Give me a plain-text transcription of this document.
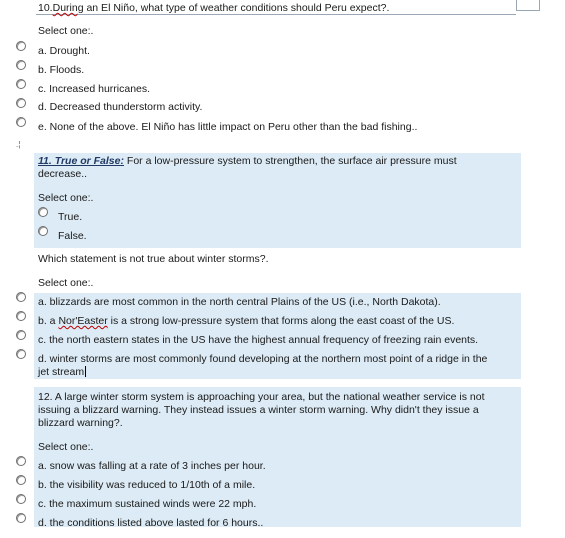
10.During an El Niño, what type of weather conditions should Peru expect?.
Select one:.
a. Drought.
b. Floods.
c. Increased hurricanes.
d. Decreased thunderstorm activity.
e. None of the above. El Niño has little impact on Peru other than the bad fishing..
.¦
11. True or False: For a low-pressure system to strengthen, the surface air pressure must
decrease..
Select one:.
True.
False.
Which statement is not true about winter storms?.
Select one:.
a. blizzards are most common in the north central Plains of the US (i.e., North Dakota).
b. a Nor'Easter is a strong low-pressure system that forms along the east coast of the US.
c. the north eastern states in the US have the highest annual frequency of freezing rain events.
d. winter storms are most commonly found developing at the northern most point of a ridge in the
jet stream
12. A large winter storm system is approaching your area, but the national weather service is not
issuing a blizzard warning. They instead issues a winter storm warning. Why didn't they issue a
blizzard warning?.
Select one:.
a. snow was falling at a rate of 3 inches per hour.
b. the visibility was reduced to 1/10th of a mile.
c. the maximum sustained winds were 22 mph.
d. the conditions listed above lasted for 6 hours..
